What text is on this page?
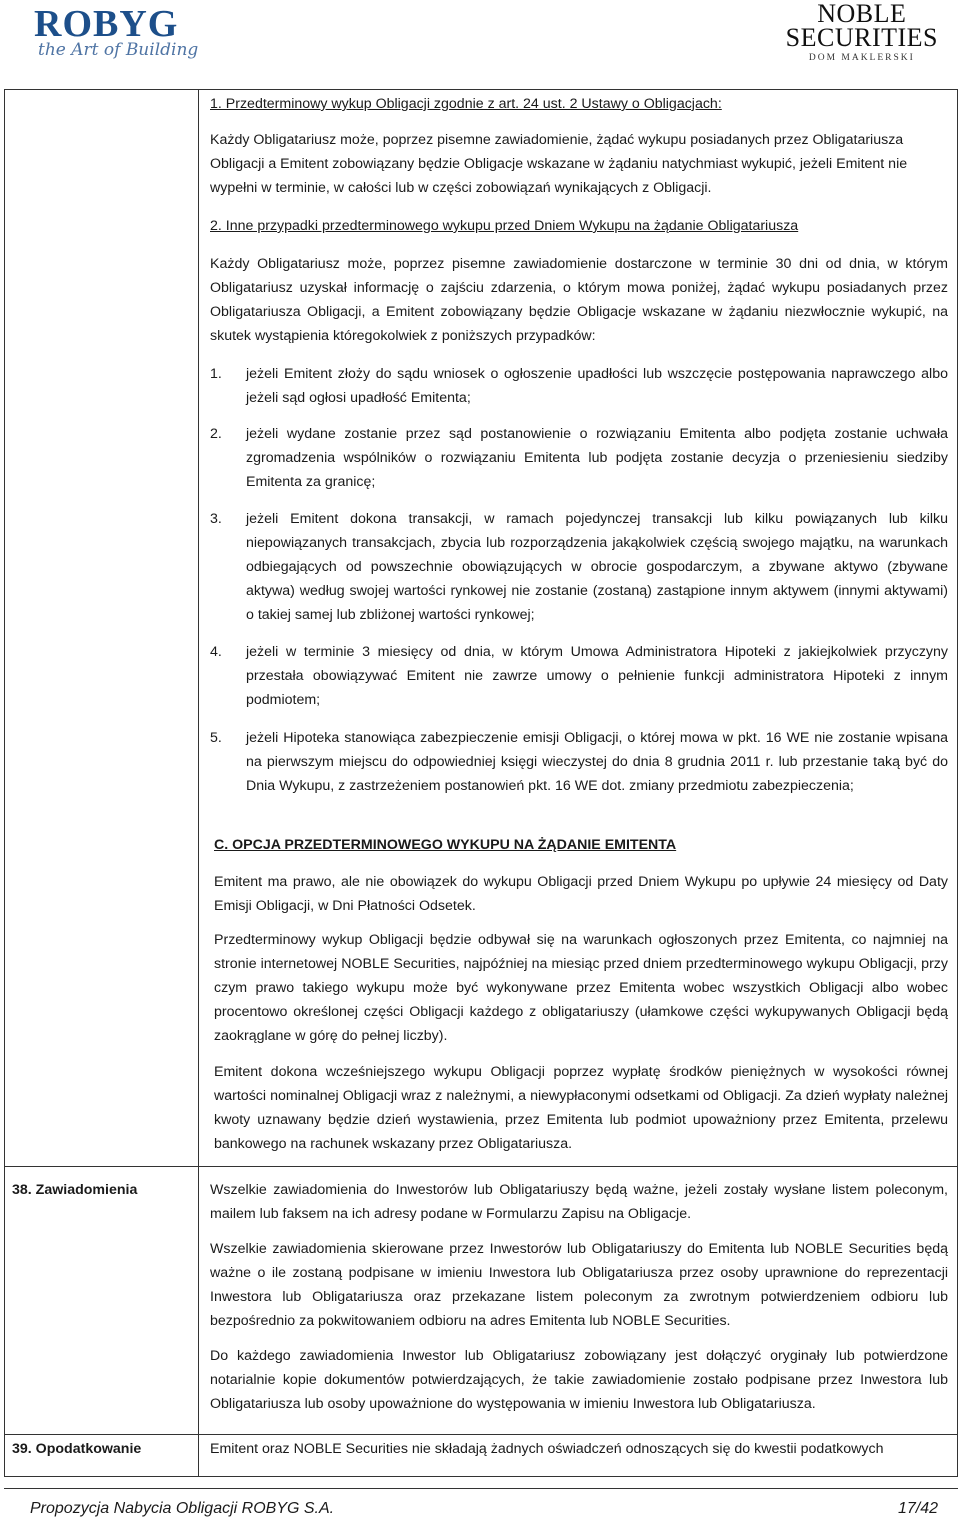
ROBYG
the Art of Building
NOBLE
SECURITIES
DOM MAKLERSKI
1. Przedterminowy wykup Obligacji zgodnie z art. 24 ust. 2 Ustawy o Obligacjach:
Każdy Obligatariusz może, poprzez pisemne zawiadomienie, żądać wykupu posiadanych przez Obligatariusza Obligacji a Emitent zobowiązany będzie Obligacje wskazane w żądaniu natychmiast wykupić, jeżeli Emitent nie wypełni w terminie, w całości lub w części zobowiązań wynikających z Obligacji.
2. Inne przypadki przedterminowego wykupu przed Dniem Wykupu na żądanie Obligatariusza
Każdy Obligatariusz może, poprzez pisemne zawiadomienie dostarczone w terminie 30 dni od dnia, w którym Obligatariusz uzyskał informację o zajściu zdarzenia, o którym mowa poniżej, żądać wykupu posiadanych przez Obligatariusza Obligacji, a Emitent zobowiązany będzie Obligacje wskazane w żądaniu niezwłocznie wykupić, na skutek wystąpienia któregokolwiek z poniższych przypadków:
1. jeżeli Emitent złoży do sądu wniosek o ogłoszenie upadłości lub wszczęcie postępowania naprawczego albo jeżeli sąd ogłosi upadłość Emitenta;
2. jeżeli wydane zostanie przez sąd postanowienie o rozwiązaniu Emitenta albo podjęta zostanie uchwała zgromadzenia wspólników o rozwiązaniu Emitenta lub podjęta zostanie decyzja o przeniesieniu siedziby Emitenta za granicę;
3. jeżeli Emitent dokona transakcji, w ramach pojedynczej transakcji lub kilku powiązanych lub kilku niepowiązanych transakcjach, zbycia lub rozporządzenia jakąkolwiek częścią swojego majątku, na warunkach odbiegających od powszechnie obowiązujących w obrocie gospodarczym, a zbywane aktywo (zbywane aktywa) według swojej wartości rynkowej nie zostanie (zostaną) zastąpione innym aktywem (innymi aktywami) o takiej samej lub zbliżonej wartości rynkowej;
4. jeżeli w terminie 3 miesięcy od dnia, w którym Umowa Administratora Hipoteki z jakiejkolwiek przyczyny przestała obowiązywać Emitent nie zawrze umowy o pełnienie funkcji administratora Hipoteki z innym podmiotem;
5. jeżeli Hipoteka stanowiąca zabezpieczenie emisji Obligacji, o której mowa w pkt. 16 WE nie zostanie wpisana na pierwszym miejscu do odpowiedniej księgi wieczystej do dnia 8 grudnia 2011 r. lub przestanie taką być do Dnia Wykupu, z zastrzeżeniem postanowień pkt. 16 WE dot. zmiany przedmiotu zabezpieczenia;
C. OPCJA PRZEDTERMINOWEGO WYKUPU NA ŻĄDANIE EMITENTA
Emitent ma prawo, ale nie obowiązek do wykupu Obligacji przed Dniem Wykupu po upływie 24 miesięcy od Daty Emisji Obligacji, w Dni Płatności Odsetek.
Przedterminowy wykup Obligacji będzie odbywał się na warunkach ogłoszonych przez Emitenta, co najmniej na stronie internetowej NOBLE Securities, najpóźniej na miesiąc przed dniem przedterminowego wykupu Obligacji, przy czym prawo takiego wykupu może być wykonywane przez Emitenta wobec wszystkich Obligacji albo wobec procentowo określonej części Obligacji każdego z obligatariuszy (ułamkowe części wykupywanych Obligacji będą zaokrąglane w górę do pełnej liczby).
Emitent dokona wcześniejszego wykupu Obligacji poprzez wypłatę środków pieniężnych w wysokości równej wartości nominalnej Obligacji wraz z należnymi, a niewypłaconymi odsetkami od Obligacji. Za dzień wypłaty należnej kwoty uznawany będzie dzień wystawienia, przez Emitenta lub podmiot upoważniony przez Emitenta, przelewu bankowego na rachunek wskazany przez Obligatariusza.
38. Zawiadomienia	Wszelkie zawiadomienia do Inwestorów lub Obligatariuszy będą ważne, jeżeli zostały wysłane listem poleconym, mailem lub faksem na ich adresy podane w Formularzu Zapisu na Obligacje.
Wszelkie zawiadomienia skierowane przez Inwestorów lub Obligatariuszy do Emitenta lub NOBLE Securities będą ważne o ile zostaną podpisane w imieniu Inwestora lub Obligatariusza przez osoby uprawnione do reprezentacji Inwestora lub Obligatariusza oraz przekazane listem poleconym za zwrotnym potwierdzeniem odbioru lub bezpośrednio za pokwitowaniem odbioru na adres Emitenta lub NOBLE Securities.
Do każdego zawiadomienia Inwestor lub Obligatariusz zobowiązany jest dołączyć oryginały lub potwierdzone notarialnie kopie dokumentów potwierdzających, że takie zawiadomienie zostało podpisane przez Inwestora lub Obligatariusza lub osoby upoważnione do występowania w imieniu Inwestora lub Obligatariusza.
39. Opodatkowanie	Emitent oraz NOBLE Securities nie składają żadnych oświadczeń odnoszących się do kwestii podatkowych
Propozycja Nabycia Obligacji ROBYG S.A.	17/42
